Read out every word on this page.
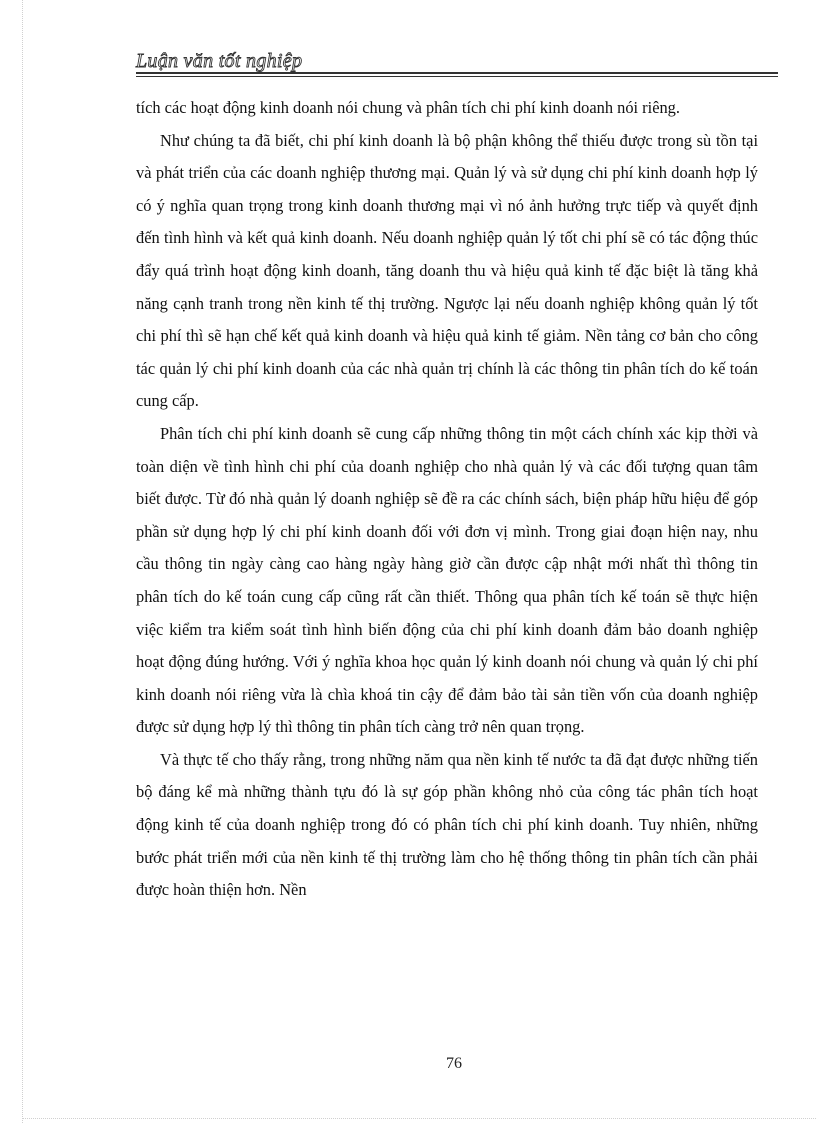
Luận văn tốt nghiệp

tích các hoạt động kinh doanh nói chung và phân tích chi phí kinh doanh nói riêng.

Như chúng ta đã biết, chi phí kinh doanh là bộ phận không thể thiếu được trong sù tồn tại và phát triển của các doanh nghiệp thương mại. Quản lý và sử dụng chi phí kinh doanh hợp lý có ý nghĩa quan trọng trong kinh doanh thương mại vì nó ảnh hưởng trực tiếp và quyết định đến tình hình và kết quả kinh doanh. Nếu doanh nghiệp quản lý tốt chi phí sẽ có tác động thúc đẩy quá trình hoạt động kinh doanh, tăng doanh thu và hiệu quả kinh tế đặc biệt là tăng khả năng cạnh tranh trong nền kinh tế thị trường. Ngược lại nếu doanh nghiệp không quản lý tốt chi phí thì sẽ hạn chế kết quả kinh doanh và hiệu quả kinh tế giảm. Nền tảng cơ bản cho công tác quản lý chi phí kinh doanh của các nhà quản trị chính là các thông tin phân tích do kế toán cung cấp.

Phân tích chi phí kinh doanh sẽ cung cấp những thông tin một cách chính xác kịp thời và toàn diện về tình hình chi phí của doanh nghiệp cho nhà quản lý và các đối tượng quan tâm biết được. Từ đó nhà quản lý doanh nghiệp sẽ đề ra các chính sách, biện pháp hữu hiệu để góp phần sử dụng hợp lý chi phí kinh doanh đối với đơn vị mình. Trong giai đoạn hiện nay, nhu cầu thông tin ngày càng cao hàng ngày hàng giờ cần được cập nhật mới nhất thì thông tin phân tích do kế toán cung cấp cũng rất cần thiết. Thông qua phân tích kế toán sẽ thực hiện việc kiểm tra kiểm soát tình hình biến động của chi phí kinh doanh đảm bảo doanh nghiệp hoạt động đúng hướng. Với ý nghĩa khoa học quản lý kinh doanh nói chung và quản lý chi phí kinh doanh nói riêng vừa là chìa khoá tin cậy để đảm bảo tài sản tiền vốn của doanh nghiệp được sử dụng hợp lý thì thông tin phân tích càng trở nên quan trọng.

Và thực tế cho thấy rằng, trong những năm qua nền kinh tế nước ta đã đạt được những tiến bộ đáng kể mà những thành tựu đó là sự góp phần không nhỏ của công tác phân tích hoạt động kinh tế của doanh nghiệp trong đó có phân tích chi phí kinh doanh. Tuy nhiên, những bước phát triển mới của nền kinh tế thị trường làm cho hệ thống thông tin phân tích cần phải được hoàn thiện hơn. Nền

76
